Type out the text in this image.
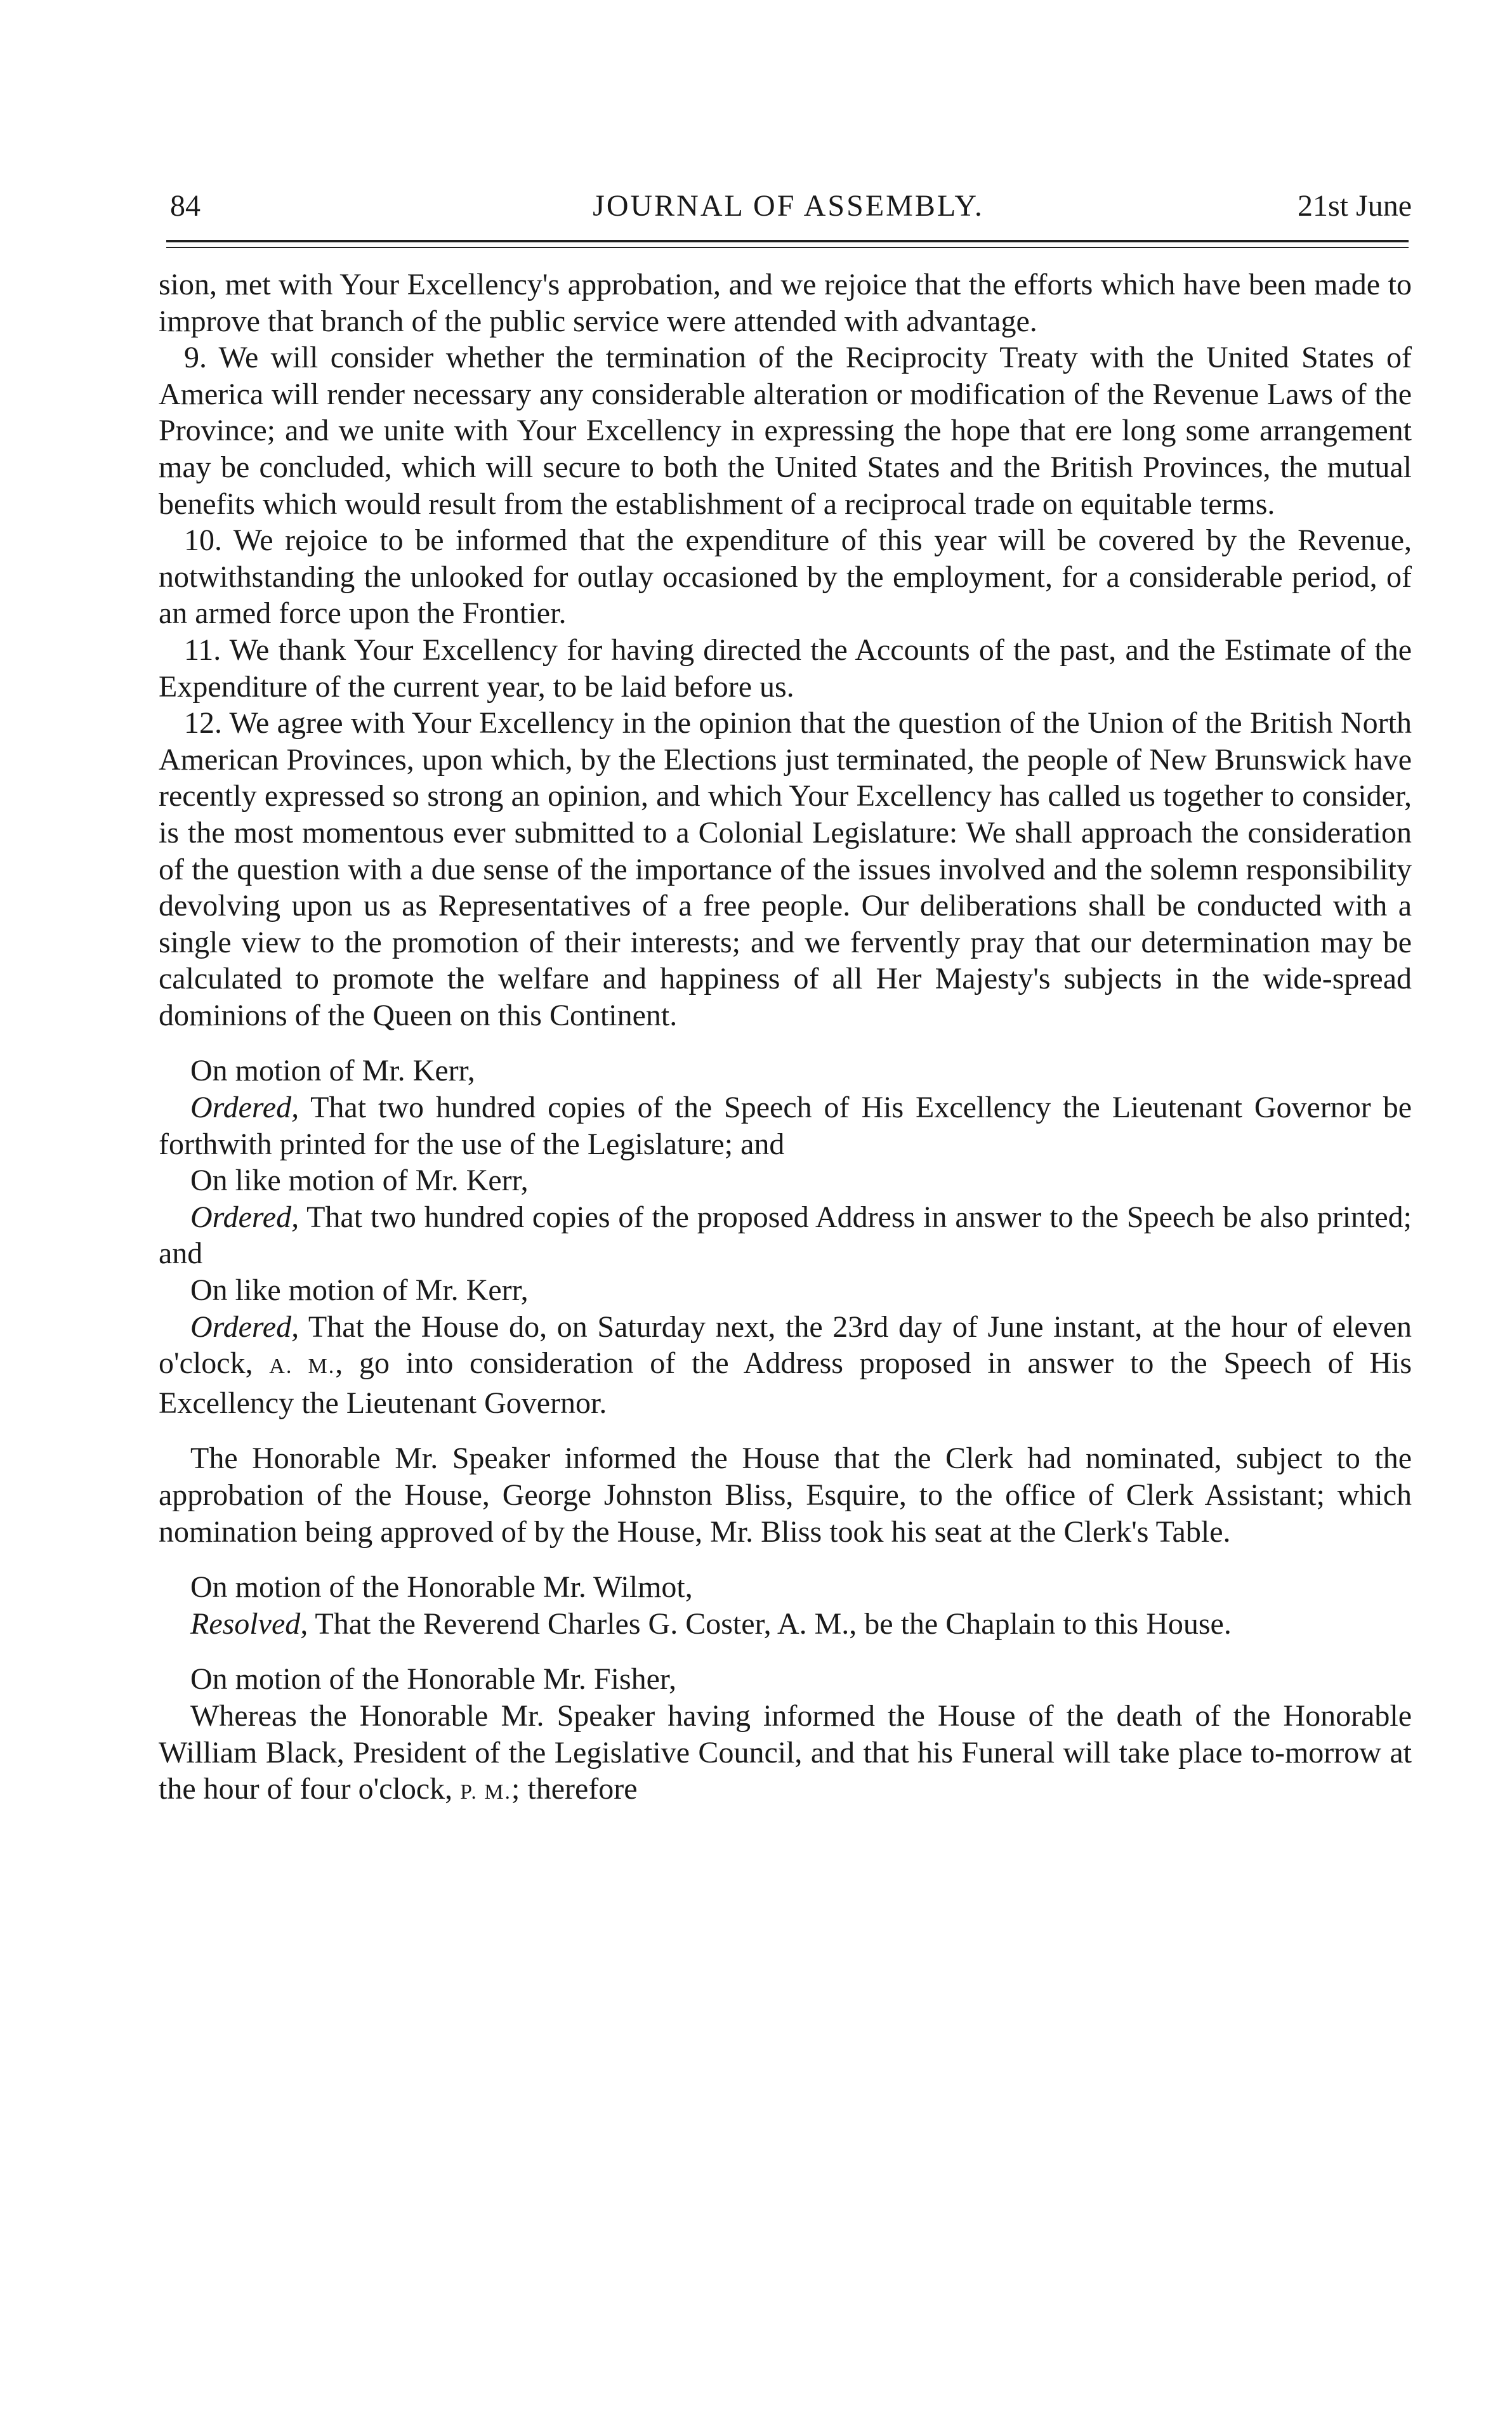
84	JOURNAL OF ASSEMBLY.	21st June

sion, met with Your Excellency's approbation, and we rejoice that the efforts which have been made to improve that branch of the public service were attended with advantage.

9. We will consider whether the termination of the Reciprocity Treaty with the United States of America will render necessary any considerable alteration or modification of the Revenue Laws of the Province; and we unite with Your Excellency in expressing the hope that ere long some arrangement may be concluded, which will secure to both the United States and the British Provinces, the mutual benefits which would result from the establishment of a reciprocal trade on equitable terms.

10. We rejoice to be informed that the expenditure of this year will be covered by the Revenue, notwithstanding the unlooked for outlay occasioned by the employment, for a considerable period, of an armed force upon the Frontier.

11. We thank Your Excellency for having directed the Accounts of the past, and the Estimate of the Expenditure of the current year, to be laid before us.

12. We agree with Your Excellency in the opinion that the question of the Union of the British North American Provinces, upon which, by the Elections just terminated, the people of New Brunswick have recently expressed so strong an opinion, and which Your Excellency has called us together to consider, is the most momentous ever submitted to a Colonial Legislature: We shall approach the consideration of the question with a due sense of the importance of the issues involved and the solemn responsibility devolving upon us as Representatives of a free people. Our deliberations shall be conducted with a single view to the promotion of their interests; and we fervently pray that our determination may be calculated to promote the welfare and happiness of all Her Majesty's subjects in the wide-spread dominions of the Queen on this Continent.

On motion of Mr. Kerr,

Ordered, That two hundred copies of the Speech of His Excellency the Lieutenant Governor be forthwith printed for the use of the Legislature; and

On like motion of Mr. Kerr,

Ordered, That two hundred copies of the proposed Address in answer to the Speech be also printed; and

On like motion of Mr. Kerr,

Ordered, That the House do, on Saturday next, the 23rd day of June instant, at the hour of eleven o'clock, A. M., go into consideration of the Address proposed in answer to the Speech of His Excellency the Lieutenant Governor.

The Honorable Mr. Speaker informed the House that the Clerk had nominated, subject to the approbation of the House, George Johnston Bliss, Esquire, to the office of Clerk Assistant; which nomination being approved of by the House, Mr. Bliss took his seat at the Clerk's Table.

On motion of the Honorable Mr. Wilmot,

Resolved, That the Reverend Charles G. Coster, A. M., be the Chaplain to this House.

On motion of the Honorable Mr. Fisher,

Whereas the Honorable Mr. Speaker having informed the House of the death of the Honorable William Black, President of the Legislative Council, and that his Funeral will take place to-morrow at the hour of four o'clock, P. M.; therefore
